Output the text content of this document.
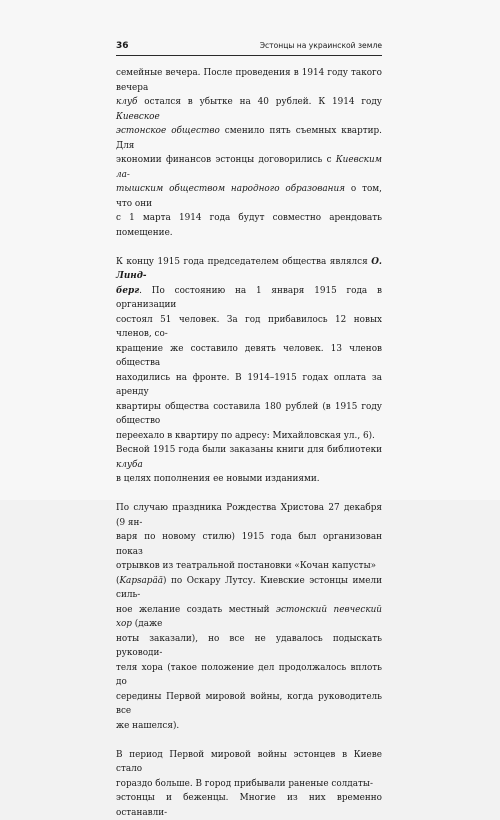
36	Эстонцы на украинской земле

семейные вечера. После проведения в 1914 году такого вечера
клуб остался в убытке на 40 рублей. К 1914 году Киевское
эстонское общество сменило пять съемных квартир. Для
экономии финансов эстонцы договорились с Киевским ла-
тышским обществом народного образования о том, что они
с 1 марта 1914 года будут совместно арендовать помещение.

К концу 1915 года председателем общества являлся О. Линд-
берг. По состоянию на 1 января 1915 года в организации
состоял 51 человек. За год прибавилось 12 новых членов, со-
кращение же составило девять человек. 13 членов общества
находились на фронте. В 1914–1915 годах оплата за аренду
квартиры общества составила 180 рублей (в 1915 году общество
переехало в квартиру по адресу: Михайловская ул., 6).
Весной 1915 года были заказаны книги для библиотеки клуба
в целях пополнения ее новыми изданиями.

По случаю праздника Рождества Христова 27 декабря (9 ян-
варя по новому стилю) 1915 года был организован показ
отрывков из театральной постановки «Кочан капусты»
(Kapsapää) по Оскару Лутсу. Киевские эстонцы имели силь-
ное желание создать местный эстонский певческий хор (даже
ноты заказали), но все не удавалось подыскать руководи-
теля хора (такое положение дел продолжалось вплоть до
середины Первой мировой войны, когда руководитель все
же нашелся).

В период Первой мировой войны эстонцев в Киеве стало
гораздо больше. В город прибывали раненые солдаты-
эстонцы и беженцы. Многие из них временно останавли-
